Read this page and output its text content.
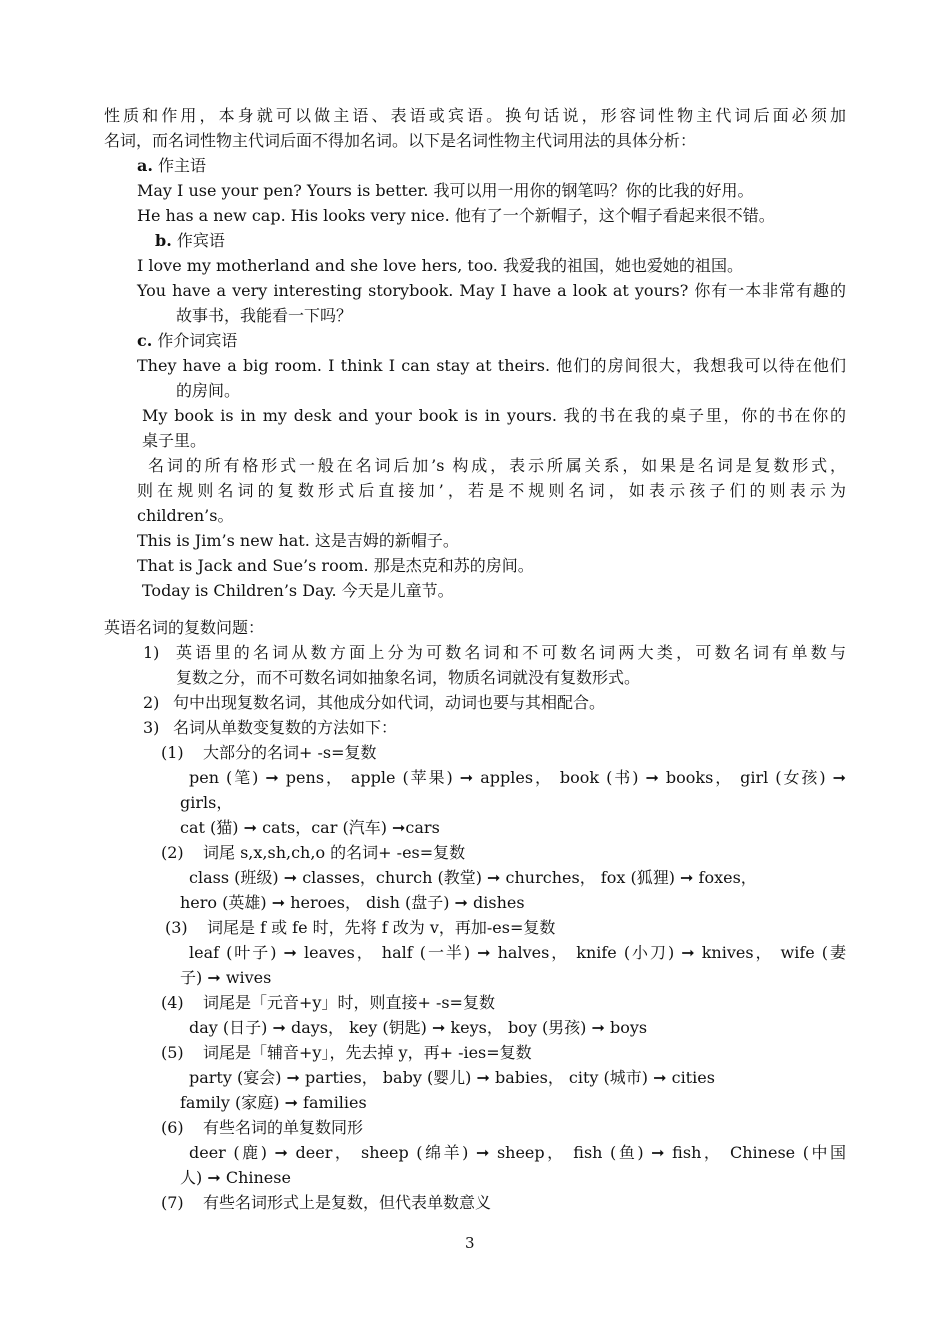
性质和作用，本身就可以做主语、表语或宾语。换句话说，形容词性物主代词后面必须加
名词，而名词性物主代词后面不得加名词。以下是名词性物主代词用法的具体分析：
a. 作主语
May I use your pen? Yours is better. 我可以用一用你的钢笔吗？你的比我的好用。
He has a new cap. His looks very nice. 他有了一个新帽子，这个帽子看起来很不错。
b. 作宾语
I love my motherland and she love hers, too. 我爱我的祖国，她也爱她的祖国。
You have a very interesting storybook. May I have a look at yours? 你有一本非常有趣的
故事书，我能看一下吗？
c. 作介词宾语
They have a big room. I think I can stay at theirs. 他们的房间很大，我想我可以待在他们
的房间。
My book is in my desk and your book is in yours. 我的书在我的桌子里，你的书在你的
桌子里。
名词的所有格形式一般在名词后加’s 构成，表示所属关系，如果是名词是复数形式，
则在规则名词的复数形式后直接加’，若是不规则名词，如表示孩子们的则表示为
children’s。
This is Jim’s new hat. 这是吉姆的新帽子。
That is Jack and Sue’s room. 那是杰克和苏的房间。
Today is Children’s Day. 今天是儿童节。
英语名词的复数问题：
1)	英语里的名词从数方面上分为可数名词和不可数名词两大类，可数名词有单数与
复数之分，而不可数名词如抽象名词，物质名词就没有复数形式。
2) 句中出现复数名词，其他成分如代词，动词也要与其相配合。
3) 名词从单数变复数的方法如下：
(1) 大部分的名词+ -s=复数
pen (笔) ➞ pens， apple (苹果) ➞ apples， book (书) ➞ books， girl (女孩) ➞
girls，
cat (猫) ➞ cats，car (汽车) ➞cars
(2) 词尾 s,x,sh,ch,o 的名词+ -es=复数
class (班级) ➞ classes，church (教堂) ➞ churches， fox (狐狸) ➞ foxes，
hero (英雄) ➞ heroes， dish (盘子) ➞ dishes
(3) 词尾是 f 或 fe 时，先将 f 改为 v，再加-es=复数
leaf (叶子) ➞ leaves， half (一半) ➞ halves， knife (小刀) ➞ knives， wife (妻
子) ➞ wives
(4) 词尾是「元音+y」时，则直接+ -s=复数
day (日子) ➞ days， key (钥匙) ➞ keys， boy (男孩) ➞ boys
(5) 词尾是「辅音+y」，先去掉 y，再+ -ies=复数
party (宴会) ➞ parties， baby (婴儿) ➞ babies， city (城市) ➞ cities
family (家庭) ➞ families
(6) 有些名词的单复数同形
deer (鹿) ➞ deer， sheep (绵羊) ➞ sheep， fish (鱼) ➞ fish， Chinese (中国
人) ➞ Chinese
(7) 有些名词形式上是复数，但代表单数意义
3
